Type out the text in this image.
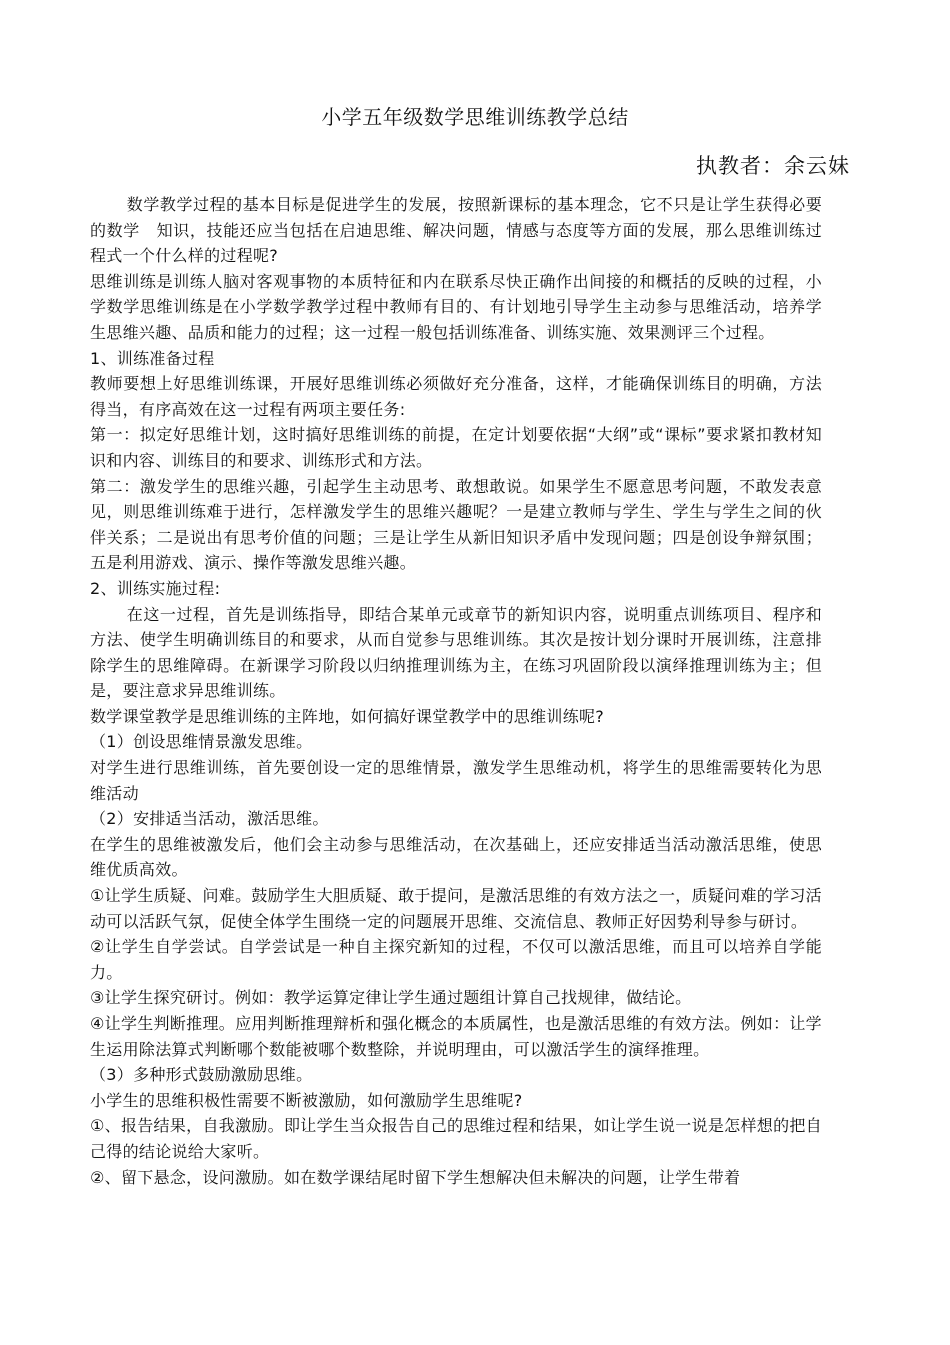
小学五年级数学思维训练教学总结
执教者：余云妹

数学教学过程的基本目标是促进学生的发展，按照新课标的基本理念，它不只是让学生获得必要的数学　知识，技能还应当包括在启迪思维、解决问题，情感与态度等方面的发展，那么思维训练过程式一个什么样的过程呢?

思维训练是训练人脑对客观事物的本质特征和内在联系尽快正确作出间接的和概括的反映的过程，小学数学思维训练是在小学数学教学过程中教师有目的、有计划地引导学生主动参与思维活动，培养学生思维兴趣、品质和能力的过程；这一过程一般包括训练准备、训练实施、效果测评三个过程。

1、训练准备过程

教师要想上好思维训练课，开展好思维训练必须做好充分准备，这样，才能确保训练目的明确，方法得当，有序高效在这一过程有两项主要任务:

第一：拟定好思维计划，这时搞好思维训练的前提，在定计划要依据“大纲”或“课标”要求紧扣教材知识和内容、训练目的和要求、训练形式和方法。

第二：激发学生的思维兴趣，引起学生主动思考、敢想敢说。如果学生不愿意思考问题，不敢发表意见，则思维训练难于进行，怎样激发学生的思维兴趣呢？一是建立教师与学生、学生与学生之间的伙伴关系；二是说出有思考价值的问题；三是让学生从新旧知识矛盾中发现问题；四是创设争辩氛围；五是利用游戏、演示、操作等激发思维兴趣。

2、训练实施过程:

在这一过程，首先是训练指导，即结合某单元或章节的新知识内容，说明重点训练项目、程序和方法、使学生明确训练目的和要求，从而自觉参与思维训练。其次是按计划分课时开展训练，注意排除学生的思维障碍。在新课学习阶段以归纳推理训练为主，在练习巩固阶段以演绎推理训练为主；但是，要注意求异思维训练。

数学课堂教学是思维训练的主阵地，如何搞好课堂教学中的思维训练呢?

（1）创设思维情景激发思维。

对学生进行思维训练，首先要创设一定的思维情景，激发学生思维动机，将学生的思维需要转化为思维活动

（2）安排适当活动，激活思维。

在学生的思维被激发后，他们会主动参与思维活动，在次基础上，还应安排适当活动激活思维，使思维优质高效。

①让学生质疑、问难。鼓励学生大胆质疑、敢于提问，是激活思维的有效方法之一，质疑问难的学习活动可以活跃气氛，促使全体学生围绕一定的问题展开思维、交流信息、教师正好因势利导参与研讨。

②让学生自学尝试。自学尝试是一种自主探究新知的过程，不仅可以激活思维，而且可以培养自学能力。

③让学生探究研讨。例如：教学运算定律让学生通过题组计算自己找规律，做结论。

④让学生判断推理。应用判断推理辩析和强化概念的本质属性，也是激活思维的有效方法。例如：让学生运用除法算式判断哪个数能被哪个数整除，并说明理由，可以激活学生的演绎推理。

（3）多种形式鼓励激励思维。

小学生的思维积极性需要不断被激励，如何激励学生思维呢?

①、报告结果，自我激励。即让学生当众报告自己的思维过程和结果，如让学生说一说是怎样想的把自己得的结论说给大家听。

②、留下悬念，设问激励。如在数学课结尾时留下学生想解决但未解决的问题，让学生带着
